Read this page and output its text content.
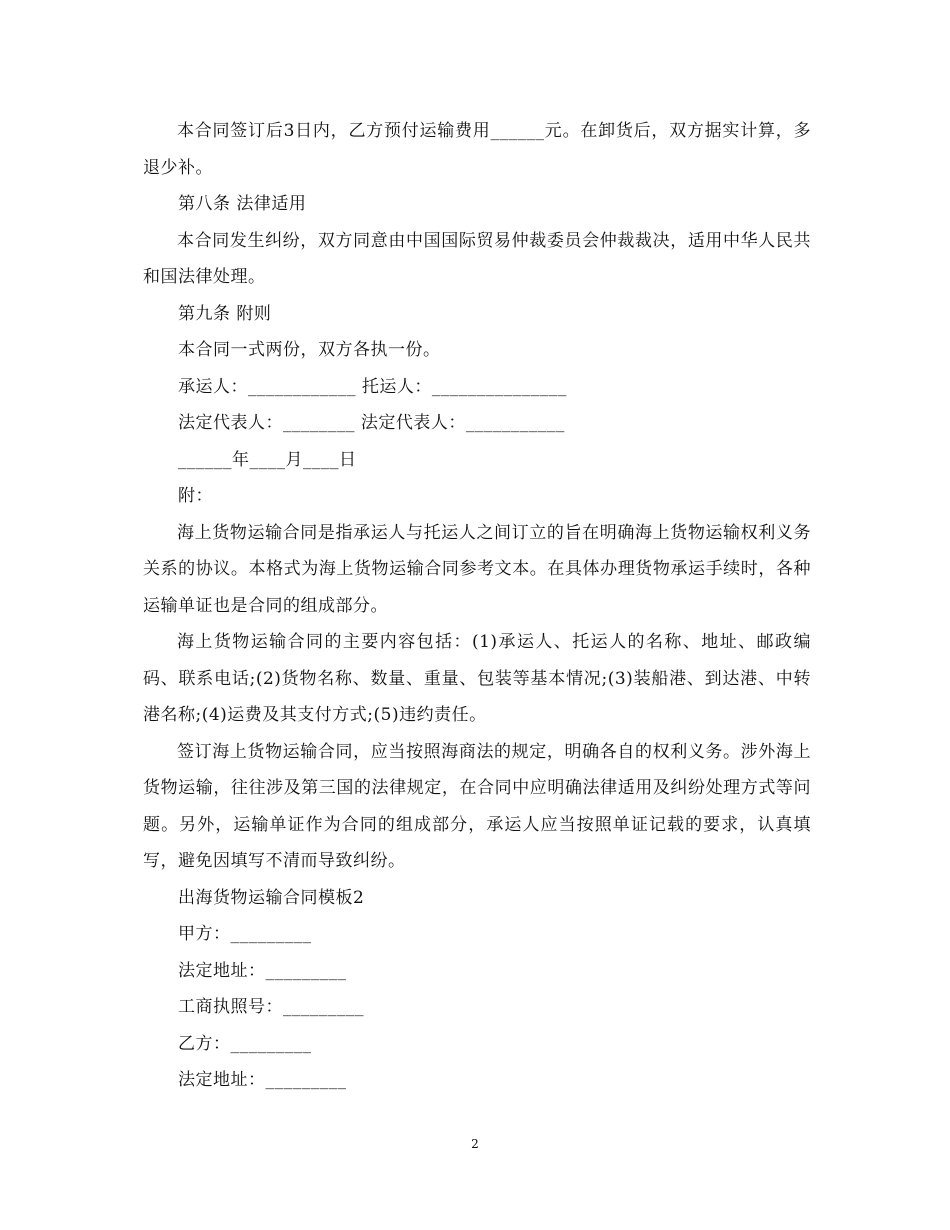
本合同签订后3日内，乙方预付运输费用______元。在卸货后，双方据实计算，多退少补。

第八条 法律适用

本合同发生纠纷，双方同意由中国国际贸易仲裁委员会仲裁裁决，适用中华人民共和国法律处理。

第九条 附则

本合同一式两份，双方各执一份。

承运人：____________ 托运人：_______________

法定代表人：________ 法定代表人：___________

______年____月____日

附：

海上货物运输合同是指承运人与托运人之间订立的旨在明确海上货物运输权利义务关系的协议。本格式为海上货物运输合同参考文本。在具体办理货物承运手续时，各种运输单证也是合同的组成部分。

海上货物运输合同的主要内容包括：(1)承运人、托运人的名称、地址、邮政编码、联系电话;(2)货物名称、数量、重量、包装等基本情况;(3)装船港、到达港、中转港名称;(4)运费及其支付方式;(5)违约责任。

签订海上货物运输合同，应当按照海商法的规定，明确各自的权利义务。涉外海上货物运输，往往涉及第三国的法律规定，在合同中应明确法律适用及纠纷处理方式等问题。另外，运输单证作为合同的组成部分，承运人应当按照单证记载的要求，认真填写，避免因填写不清而导致纠纷。

出海货物运输合同模板2

甲方：_________

法定地址：_________

工商执照号：_________

乙方：_________

法定地址：_________

2
